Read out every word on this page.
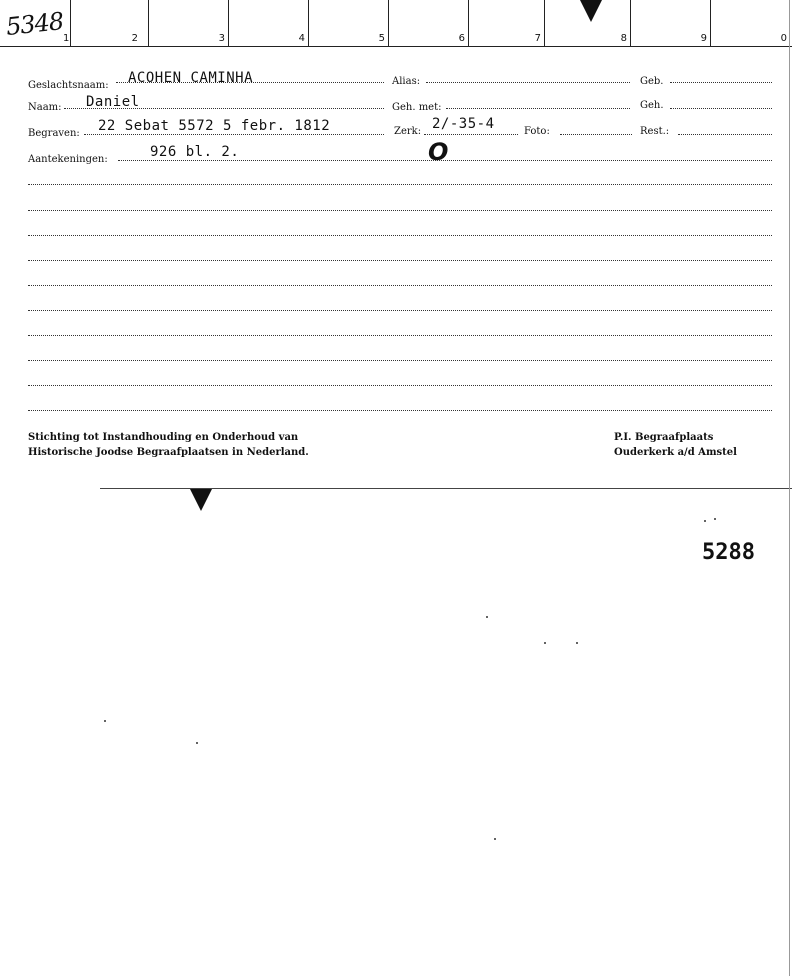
5348
1	2	3	4	5	6	7	8	9	0
Geslachtsnaam: ACOHEN CAMINHA	Alias:	Geb.
Naam: Daniel	Geh. met:	Geh.
Begraven: 22 Sebat 5572 5 febr. 1812	Zerk: 2/-35-4	Foto:	Rest.:
Aantekeningen:	926 bl. 2.	O
Stichting tot Instandhouding en Onderhoud van
Historische Joodse Begraafplaatsen in Nederland.
P.I. Begraafplaats
Ouderkerk a/d Amstel
5288
